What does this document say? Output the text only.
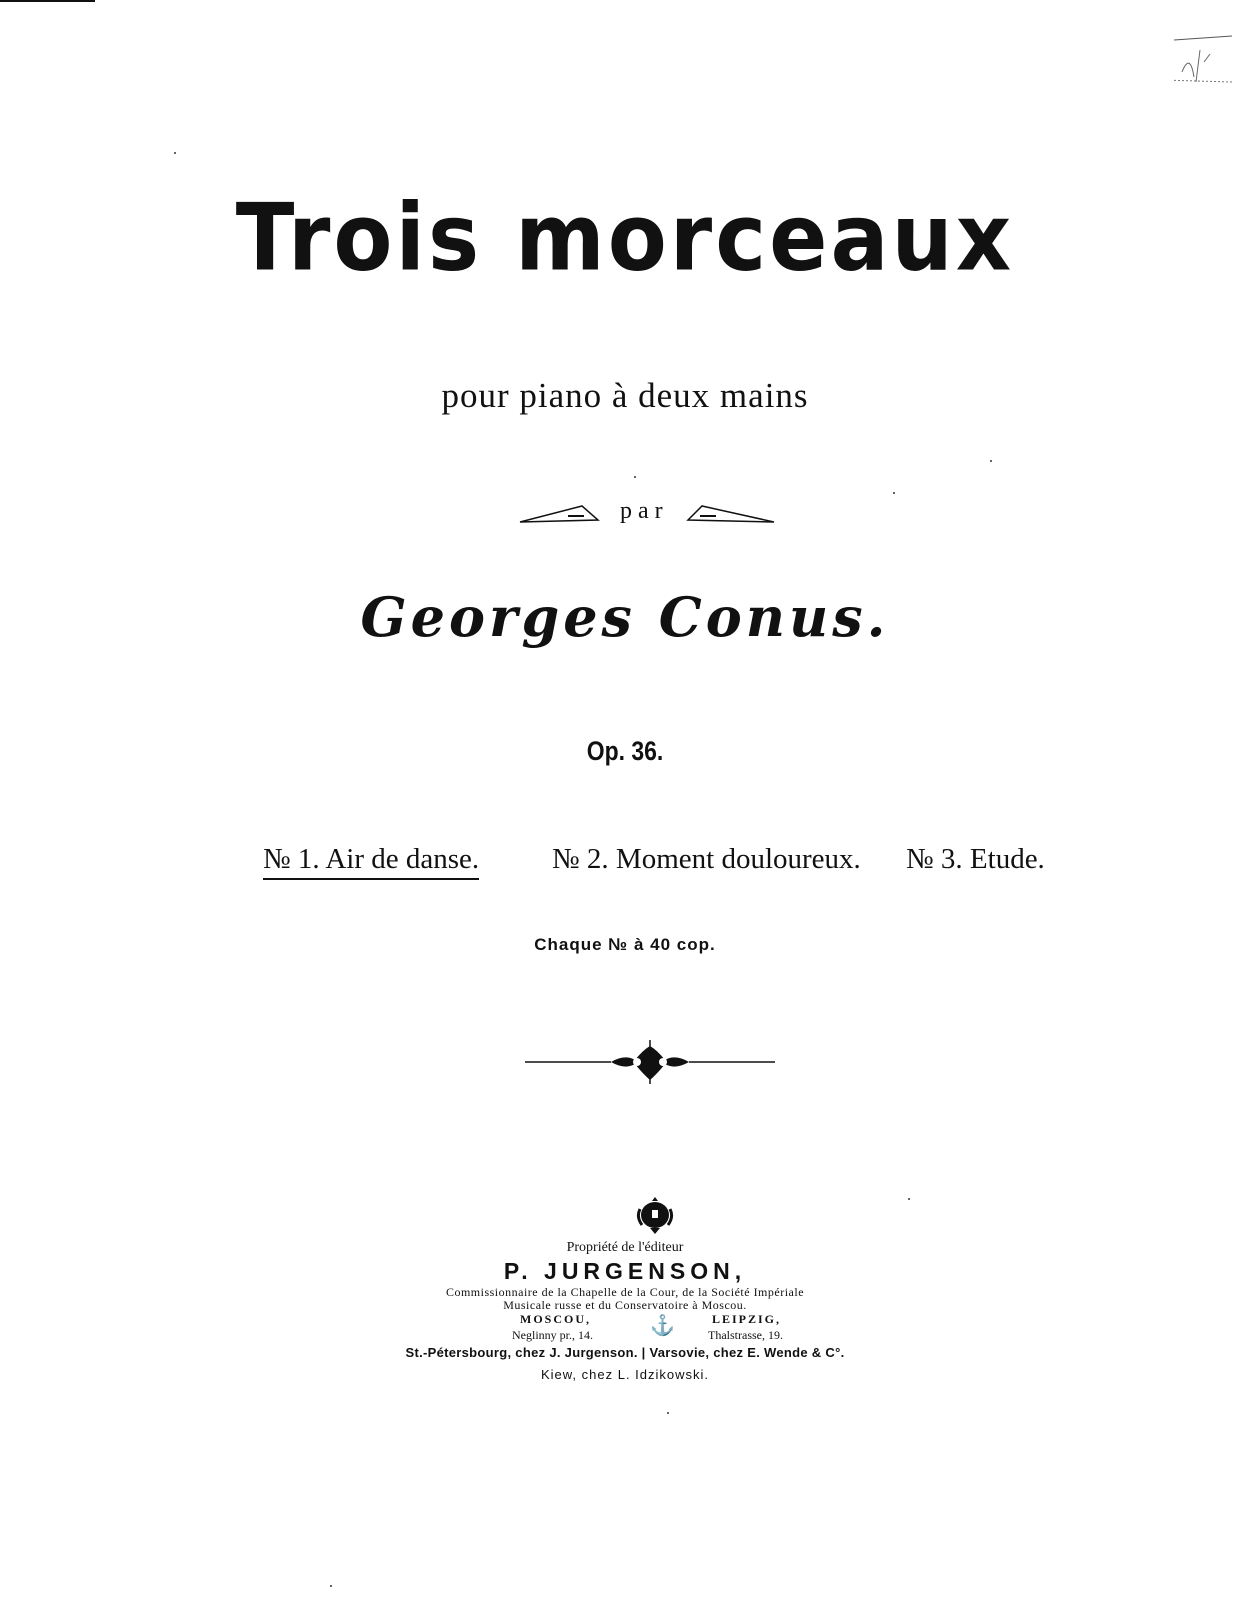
Trois morceaux
pour piano à deux mains
par
Georges Conus.
Op. 36.
№ 1. Air de danse.	№ 2. Moment douloureux. № 3. Etude.
Chaque № à 40 cop.
Propriété de l'éditeur
P. JURGENSON,
Commissionnaire de la Chapelle de la Cour, de la Société Impériale
Musicale russe et du Conservatoire à Moscou.
MOSCOU,
Neglinny pr., 14.	⚓	LEIPZIG,
Thalstrasse, 19.
St.-Pétersbourg, chez J. Jurgenson. | Varsovie, chez E. Wende & C°.
Kiew, chez L. Idzikowski.
